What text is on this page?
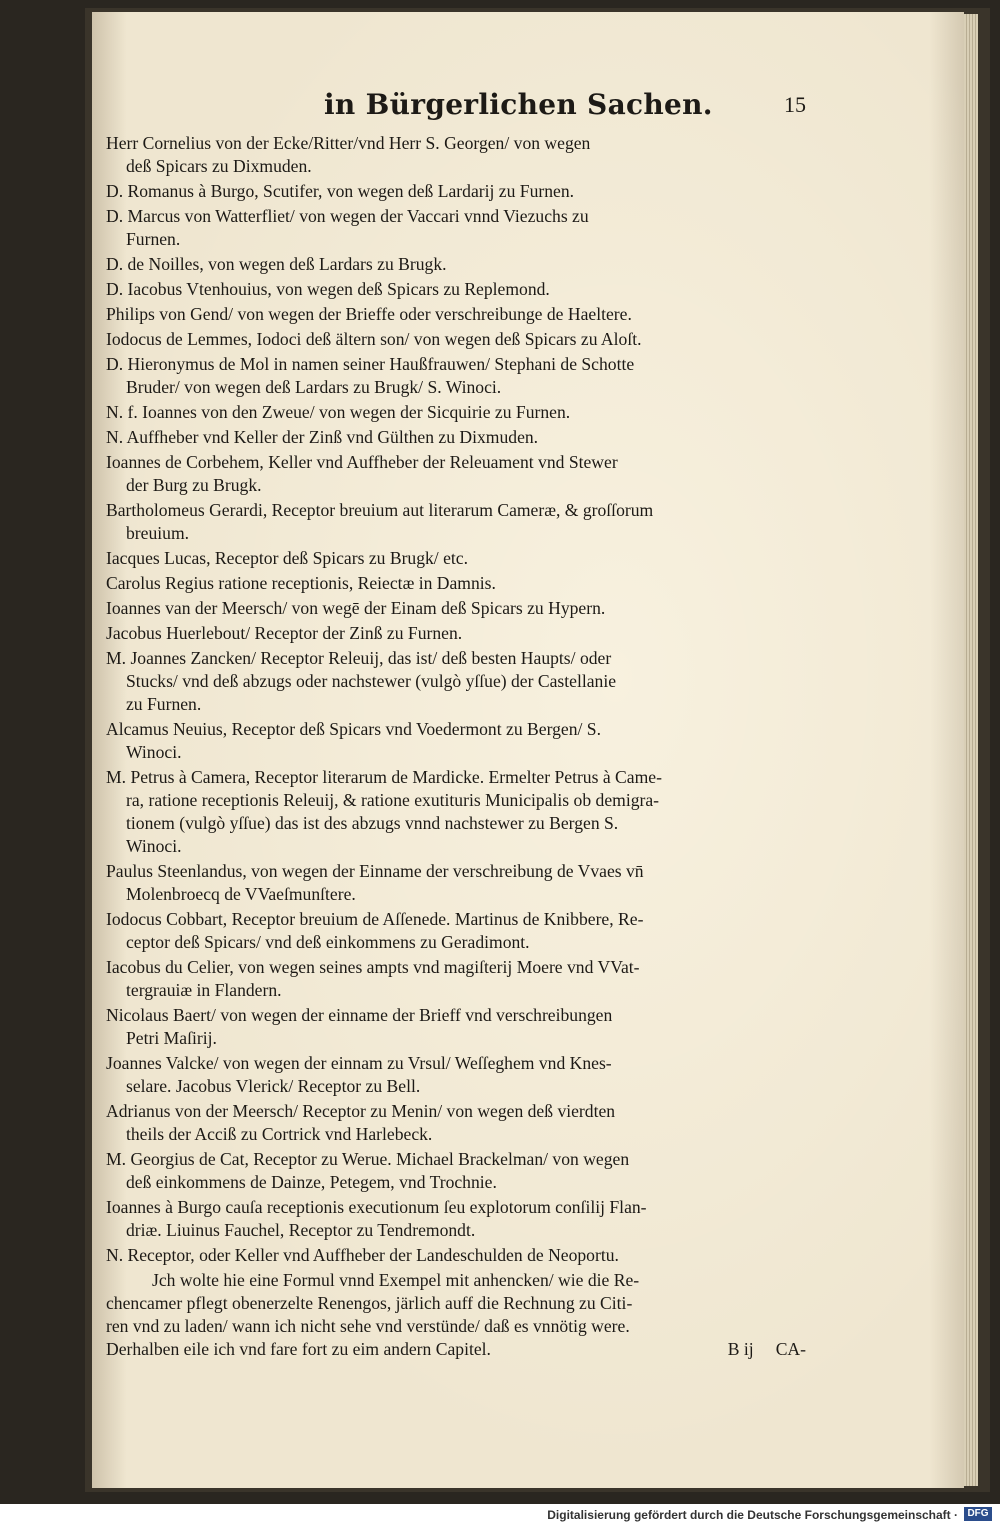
in Bürgerlichen Sachen.	15
Herr Cornelius von der Ecke/Ritter/vnd Herr S. Georgen/ von wegen
deß Spicars zu Dixmuden.
D. Romanus à Burgo, Scutifer, von wegen deß Lardarij zu Furnen.
D. Marcus von Watterfliet/ von wegen der Vaccari vnnd Viezuchs zu
Furnen.
D. de Noilles, von wegen deß Lardars zu Brugk.
D. Iacobus Vtenhouius, von wegen deß Spicars zu Replemond.
Philips von Gend/ von wegen der Brieffe oder verschreibunge de Haeltere.
Iodocus de Lemmes, Iodoci deß ältern son/ von wegen deß Spicars zu Aloſt.
D. Hieronymus de Mol in namen seiner Haußfrauwen/ Stephani de Schotte
Bruder/ von wegen deß Lardars zu Brugk/ S. Winoci.
N. f. Ioannes von den Zweue/ von wegen der Sicquirie zu Furnen.
N. Auffheber vnd Keller der Zinß vnd Gülthen zu Dixmuden.
Ioannes de Corbehem, Keller vnd Auffheber der Releuament vnd Stewer
der Burg zu Brugk.
Bartholomeus Gerardi, Receptor breuium aut literarum Cameræ, & groſſorum
breuium.
Iacques Lucas, Receptor deß Spicars zu Brugk/ etc.
Carolus Regius ratione receptionis, Reiectæ in Damnis.
Ioannes van der Meersch/ von wegē der Einam deß Spicars zu Hypern.
Jacobus Huerlebout/ Receptor der Zinß zu Furnen.
M. Joannes Zancken/ Receptor Releuij, das ist/ deß besten Haupts/ oder
Stucks/ vnd deß abzugs oder nachstewer (vulgò yſſue) der Castellanie
zu Furnen.
Alcamus Neuius, Receptor deß Spicars vnd Voedermont zu Bergen/ S.
Winoci.
M. Petrus à Camera, Receptor literarum de Mardicke. Ermelter Petrus à Came-
ra, ratione receptionis Releuij, & ratione exutituris Municipalis ob demigra-
tionem (vulgò yſſue) das ist des abzugs vnnd nachstewer zu Bergen S.
Winoci.
Paulus Steenlandus, von wegen der Einname der verschreibung de Vvaes vn̄
Molenbroecq de VVaeſmunſtere.
Iodocus Cobbart, Receptor breuium de Aſſenede. Martinus de Knibbere, Re-
ceptor deß Spicars/ vnd deß einkommens zu Geradimont.
Iacobus du Celier, von wegen seines ampts vnd magiſterij Moere vnd VVat-
tergrauiæ in Flandern.
Nicolaus Baert/ von wegen der einname der Brieff vnd verschreibungen
Petri Maſirij.
Joannes Valcke/ von wegen der einnam zu Vrsul/ Weſſeghem vnd Knes-
selare. Jacobus Vlerick/ Receptor zu Bell.
Adrianus von der Meersch/ Receptor zu Menin/ von wegen deß vierdten
theils der Acciß zu Cortrick vnd Harlebeck.
M. Georgius de Cat, Receptor zu Werue. Michael Brackelman/ von wegen
deß einkommens de Dainze, Petegem, vnd Trochnie.
Ioannes à Burgo cauſa receptionis executionum ſeu explotorum conſilij Flan-
driæ. Liuinus Fauchel, Receptor zu Tendremondt.
N. Receptor, oder Keller vnd Auffheber der Landeschulden de Neoportu.
Jch wolte hie eine Formul vnnd Exempel mit anhencken/ wie die Re-
chencamer pflegt obenerzelte Renengos, järlich auff die Rechnung zu Citi-
ren vnd zu laden/ wann ich nicht sehe vnd verstünde/ daß es vnnötig were.
Derhalben eile ich vnd fare fort zu eim andern Capitel.	B ij CA-
Digitalisierung gefördert durch die Deutsche Forschungsgemeinschaft · DFG
